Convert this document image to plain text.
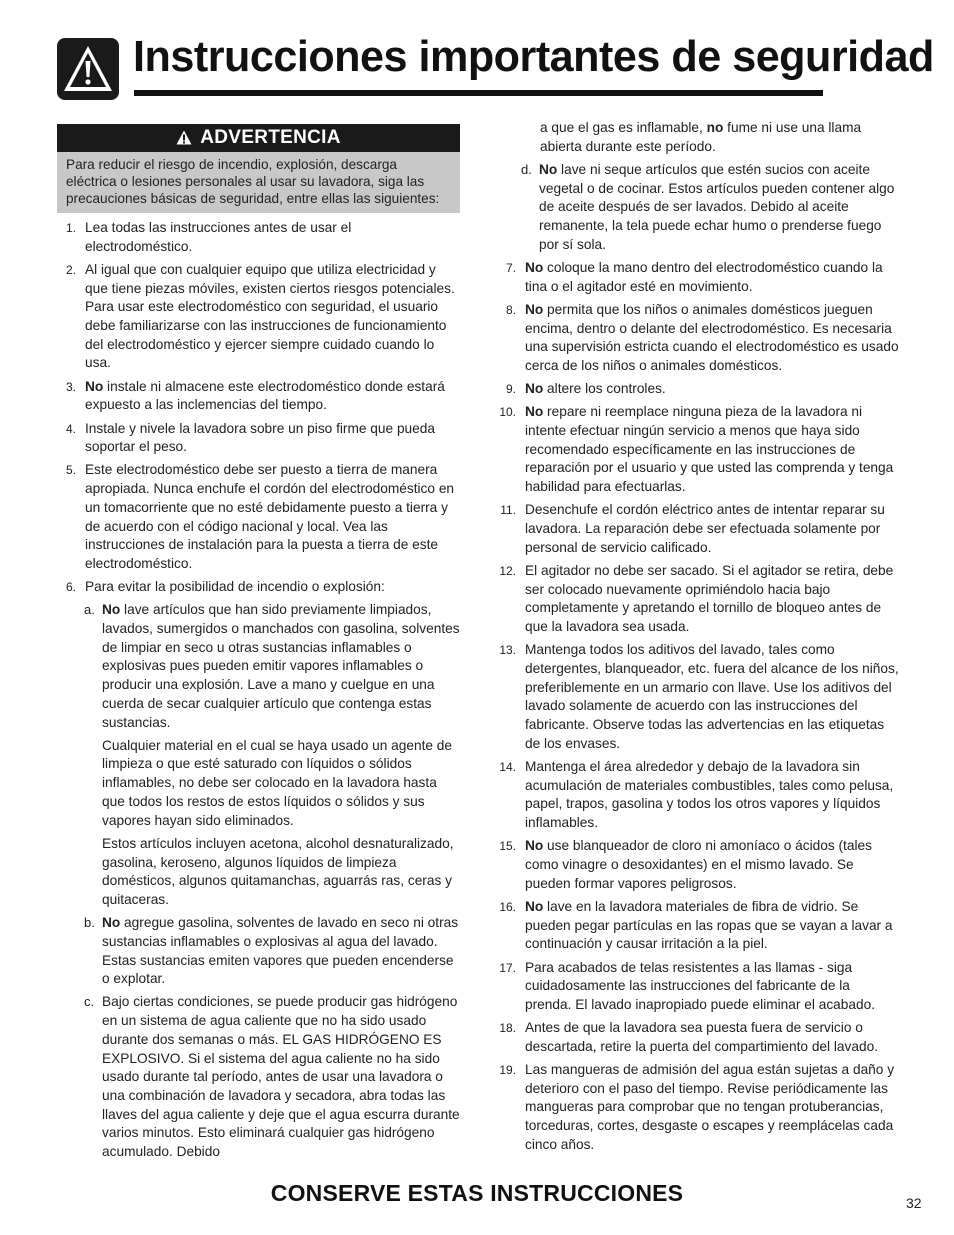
Instrucciones importantes de seguridad
ADVERTENCIA
Para reducir el riesgo de incendio, explosión, descarga eléctrica o lesiones personales al usar su lavadora, siga las precauciones básicas de seguridad, entre ellas las siguientes:
1. Lea todas las instrucciones antes de usar el electrodoméstico.
2. Al igual que con cualquier equipo que utiliza electricidad y que tiene piezas móviles, existen ciertos riesgos potenciales. Para usar este electrodoméstico con seguridad, el usuario debe familiarizarse con las instrucciones de funcionamiento del electrodoméstico y ejercer siempre cuidado cuando lo usa.
3. No instale ni almacene este electrodoméstico donde estará expuesto a las inclemencias del tiempo.
4. Instale y nivele la lavadora sobre un piso firme que pueda soportar el peso.
5. Este electrodoméstico debe ser puesto a tierra de manera apropiada. Nunca enchufe el cordón del electrodoméstico en un tomacorriente que no esté debidamente puesto a tierra y de acuerdo con el código nacional y local. Vea las instrucciones de instalación para la puesta a tierra de este electrodoméstico.
6. Para evitar la posibilidad de incendio o explosión:
a. No lave artículos que han sido previamente limpiados, lavados, sumergidos o manchados con gasolina, solventes de limpiar en seco u otras sustancias inflamables o explosivas pues pueden emitir vapores inflamables o producir una explosión. Lave a mano y cuelgue en una cuerda de secar cualquier artículo que contenga estas sustancias.
Cualquier material en el cual se haya usado un agente de limpieza o que esté saturado con líquidos o sólidos inflamables, no debe ser colocado en la lavadora hasta que todos los restos de estos líquidos o sólidos y sus vapores hayan sido eliminados.
Estos artículos incluyen acetona, alcohol desnaturalizado, gasolina, keroseno, algunos líquidos de limpieza domésticos, algunos quitamanchas, aguarrás ras, ceras y quitaceras.
b. No agregue gasolina, solventes de lavado en seco ni otras sustancias inflamables o explosivas al agua del lavado. Estas sustancias emiten vapores que pueden encenderse o explotar.
c. Bajo ciertas condiciones, se puede producir gas hidrógeno en un sistema de agua caliente que no ha sido usado durante dos semanas o más. EL GAS HIDRÓGENO ES EXPLOSIVO. Si el sistema del agua caliente no ha sido usado durante tal período, antes de usar una lavadora o una combinación de lavadora y secadora, abra todas las llaves del agua caliente y deje que el agua escurra durante varios minutos. Esto eliminará cualquier gas hidrógeno acumulado. Debido
a que el gas es inflamable, no fume ni use una llama abierta durante este período.
d. No lave ni seque artículos que estén sucios con aceite vegetal o de cocinar. Estos artículos pueden contener algo de aceite después de ser lavados. Debido al aceite remanente, la tela puede echar humo o prenderse fuego por sí sola.
7. No coloque la mano dentro del electrodoméstico cuando la tina o el agitador esté en movimiento.
8. No permita que los niños o animales domésticos jueguen encima, dentro o delante del electrodoméstico. Es necesaria una supervisión estricta cuando el electrodoméstico es usado cerca de los niños o animales domésticos.
9. No altere los controles.
10. No repare ni reemplace ninguna pieza de la lavadora ni intente efectuar ningún servicio a menos que haya sido recomendado específicamente en las instrucciones de reparación por el usuario y que usted las comprenda y tenga habilidad para efectuarlas.
11. Desenchufe el cordón eléctrico antes de intentar reparar su lavadora. La reparación debe ser efectuada solamente por personal de servicio calificado.
12. El agitador no debe ser sacado. Si el agitador se retira, debe ser colocado nuevamente oprimiéndolo hacia bajo completamente y apretando el tornillo de bloqueo antes de que la lavadora sea usada.
13. Mantenga todos los aditivos del lavado, tales como detergentes, blanqueador, etc. fuera del alcance de los niños, preferiblemente en un armario con llave. Use los aditivos del lavado solamente de acuerdo con las instrucciones del fabricante. Observe todas las advertencias en las etiquetas de los envases.
14. Mantenga el área alrededor y debajo de la lavadora sin acumulación de materiales combustibles, tales como pelusa, papel, trapos, gasolina y todos los otros vapores y líquidos inflamables.
15. No use blanqueador de cloro ni amoníaco o ácidos (tales como vinagre o desoxidantes) en el mismo lavado. Se pueden formar vapores peligrosos.
16. No lave en la lavadora materiales de fibra de vidrio. Se pueden pegar partículas en las ropas que se vayan a lavar a continuación y causar irritación a la piel.
17. Para acabados de telas resistentes a las llamas - siga cuidadosamente las instrucciones del fabricante de la prenda. El lavado inapropiado puede eliminar el acabado.
18. Antes de que la lavadora sea puesta fuera de servicio o descartada, retire la puerta del compartimiento del lavado.
19. Las mangueras de admisión del agua están sujetas a daño y deterioro con el paso del tiempo. Revise periódicamente las mangueras para comprobar que no tengan protuberancias, torceduras, cortes, desgaste o escapes y reemplácelas cada cinco años.
CONSERVE ESTAS INSTRUCCIONES	32
